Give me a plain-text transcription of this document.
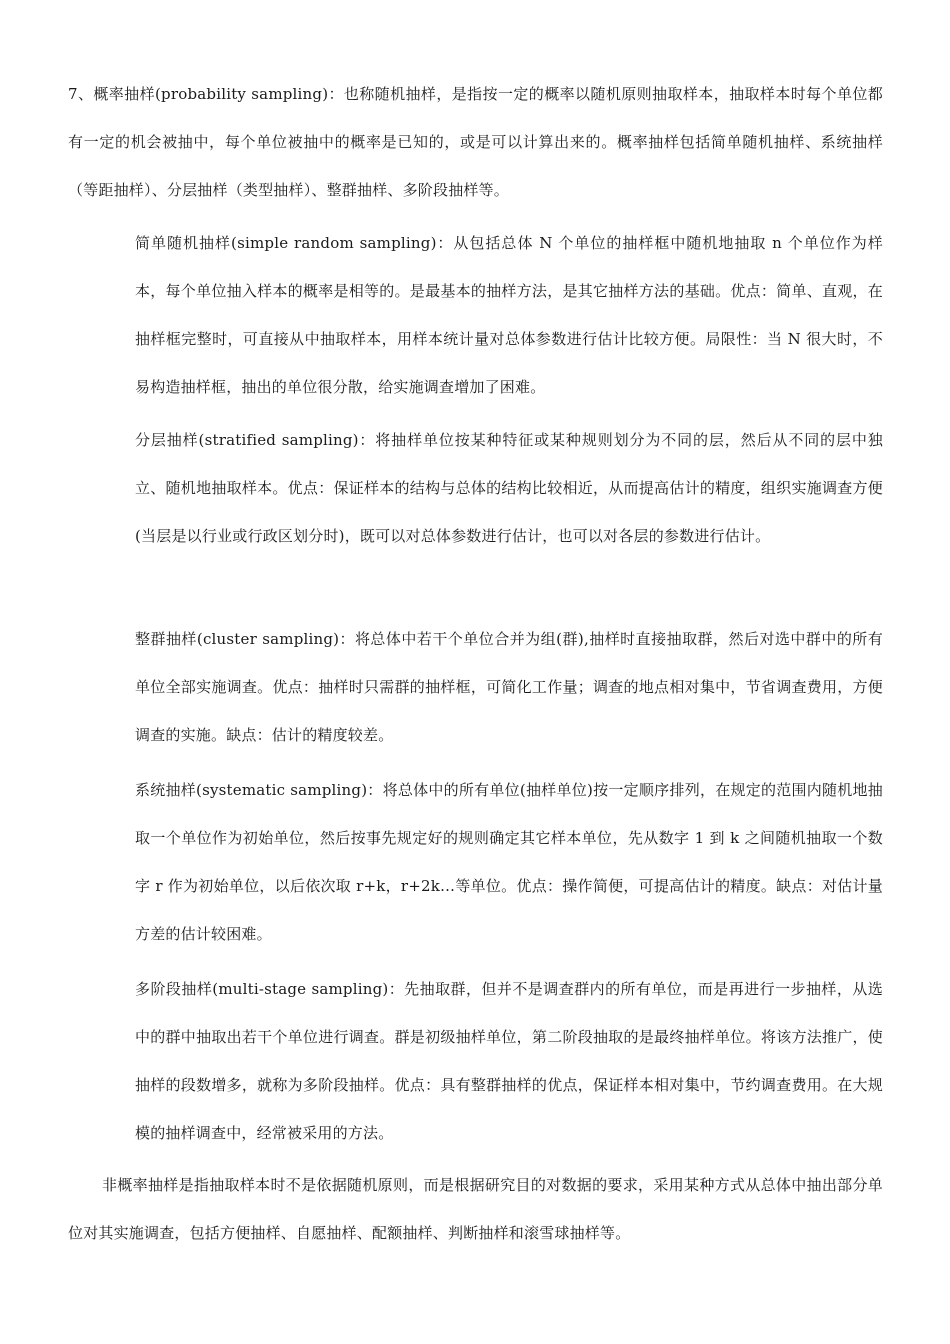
7、概率抽样(probability sampling)：也称随机抽样，是指按一定的概率以随机原则抽取样本，抽取样本时每个单位都有一定的机会被抽中，每个单位被抽中的概率是已知的，或是可以计算出来的。概率抽样包括简单随机抽样、系统抽样（等距抽样）、分层抽样（类型抽样）、整群抽样、多阶段抽样等。

简单随机抽样(simple random sampling)：从包括总体 N 个单位的抽样框中随机地抽取 n 个单位作为样本，每个单位抽入样本的概率是相等的。是最基本的抽样方法，是其它抽样方法的基础。优点：简单、直观，在抽样框完整时，可直接从中抽取样本，用样本统计量对总体参数进行估计比较方便。局限性：当 N 很大时，不易构造抽样框，抽出的单位很分散，给实施调查增加了困难。

分层抽样(stratified sampling)：将抽样单位按某种特征或某种规则划分为不同的层，然后从不同的层中独立、随机地抽取样本。优点：保证样本的结构与总体的结构比较相近，从而提高估计的精度，组织实施调查方便(当层是以行业或行政区划分时)，既可以对总体参数进行估计，也可以对各层的参数进行估计。

整群抽样(cluster sampling)：将总体中若干个单位合并为组(群),抽样时直接抽取群，然后对选中群中的所有单位全部实施调查。优点：抽样时只需群的抽样框，可简化工作量；调查的地点相对集中，节省调查费用，方便调查的实施。缺点：估计的精度较差。

系统抽样(systematic sampling)：将总体中的所有单位(抽样单位)按一定顺序排列，在规定的范围内随机地抽取一个单位作为初始单位，然后按事先规定好的规则确定其它样本单位，先从数字 1 到 k 之间随机抽取一个数字 r 作为初始单位，以后依次取 r+k，r+2k…等单位。优点：操作简便，可提高估计的精度。缺点：对估计量方差的估计较困难。

多阶段抽样(multi-stage sampling)：先抽取群，但并不是调查群内的所有单位，而是再进行一步抽样，从选中的群中抽取出若干个单位进行调查。群是初级抽样单位，第二阶段抽取的是最终抽样单位。将该方法推广，使抽样的段数增多，就称为多阶段抽样。优点：具有整群抽样的优点，保证样本相对集中，节约调查费用。在大规模的抽样调查中，经常被采用的方法。

非概率抽样是指抽取样本时不是依据随机原则，而是根据研究目的对数据的要求，采用某种方式从总体中抽出部分单位对其实施调查，包括方便抽样、自愿抽样、配额抽样、判断抽样和滚雪球抽样等。
